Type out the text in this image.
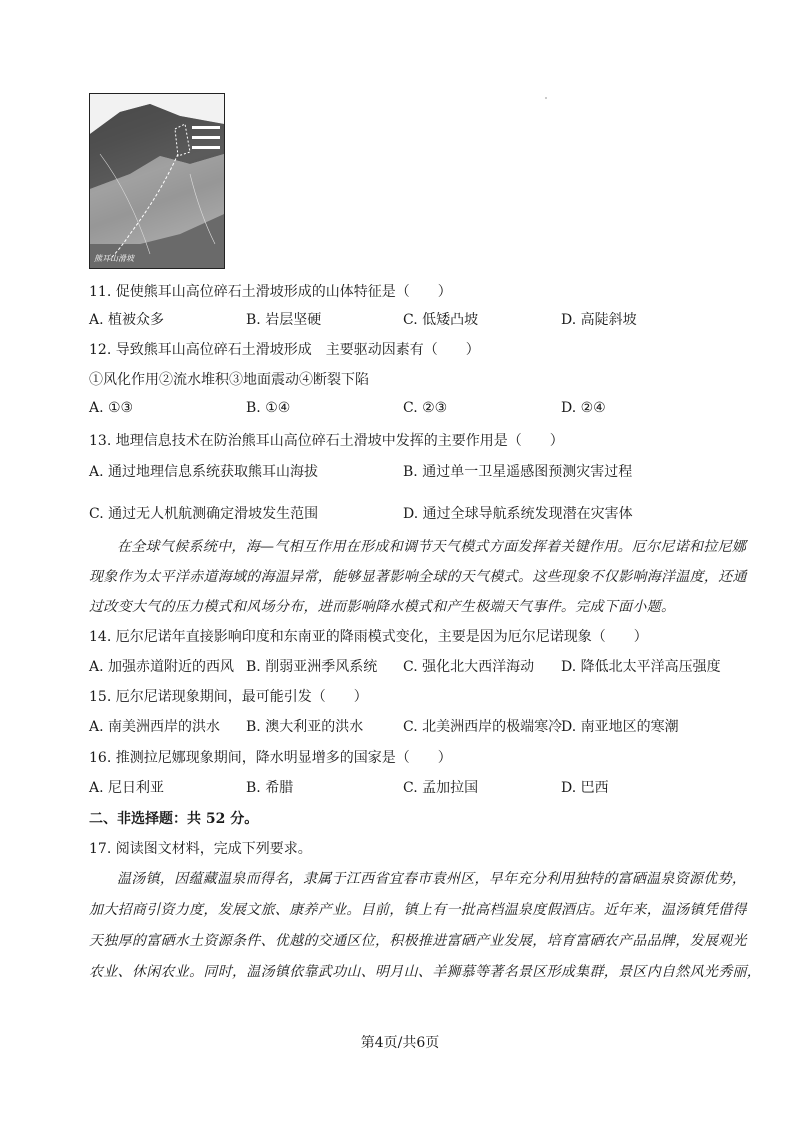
熊耳山滑坡
11. 促使熊耳山高位碎石土滑坡形成的山体特征是（　　）
A. 植被众多	B. 岩层坚硬	C. 低矮凸坡	D. 高陡斜坡
12. 导致熊耳山高位碎石土滑坡形成　主要驱动因素有（　　）
①风化作用②流水堆积③地面震动④断裂下陷
A. ①③	B. ①④	C. ②③	D. ②④
13. 地理信息技术在防治熊耳山高位碎石土滑坡中发挥的主要作用是（　　）
A. 通过地理信息系统获取熊耳山海拔	B. 通过单一卫星遥感图预测灾害过程
C. 通过无人机航测确定滑坡发生范围	D. 通过全球导航系统发现潜在灾害体
在全球气候系统中，海—气相互作用在形成和调节天气模式方面发挥着关键作用。厄尔尼诺和拉尼娜
现象作为太平洋赤道海域的海温异常，能够显著影响全球的天气模式。这些现象不仅影响海洋温度，还通
过改变大气的压力模式和风场分布，进而影响降水模式和产生极端天气事件。完成下面小题。
14. 厄尔尼诺年直接影响印度和东南亚的降雨模式变化，主要是因为厄尔尼诺现象（　　）
A. 加强赤道附近的西风 B. 削弱亚洲季风系统 C. 强化北大西洋海动 D. 降低北太平洋高压强度
15. 厄尔尼诺现象期间，最可能引发（　　）
A. 南美洲西岸的洪水 B. 澳大利亚的洪水	C. 北美洲西岸的极端寒冷
D. 南亚地区的寒潮
16. 推测拉尼娜现象期间，降水明显增多的国家是（　　）
A. 尼日利亚	B. 希腊	C. 孟加拉国	D. 巴西
二、非选择题：共 52 分。
17. 阅读图文材料，完成下列要求。
温汤镇，因蕴藏温泉而得名，隶属于江西省宜春市袁州区，早年充分利用独特的富硒温泉资源优势，
加大招商引资力度，发展文旅、康养产业。目前，镇上有一批高档温泉度假酒店。近年来，温汤镇凭借得
天独厚的富硒水土资源条件、优越的交通区位，积极推进富硒产业发展，培育富硒农产品品牌，发展观光
农业、休闲农业。同时，温汤镇依靠武功山、明月山、羊狮慕等著名景区形成集群，景区内自然风光秀丽，
第4页/共6页
